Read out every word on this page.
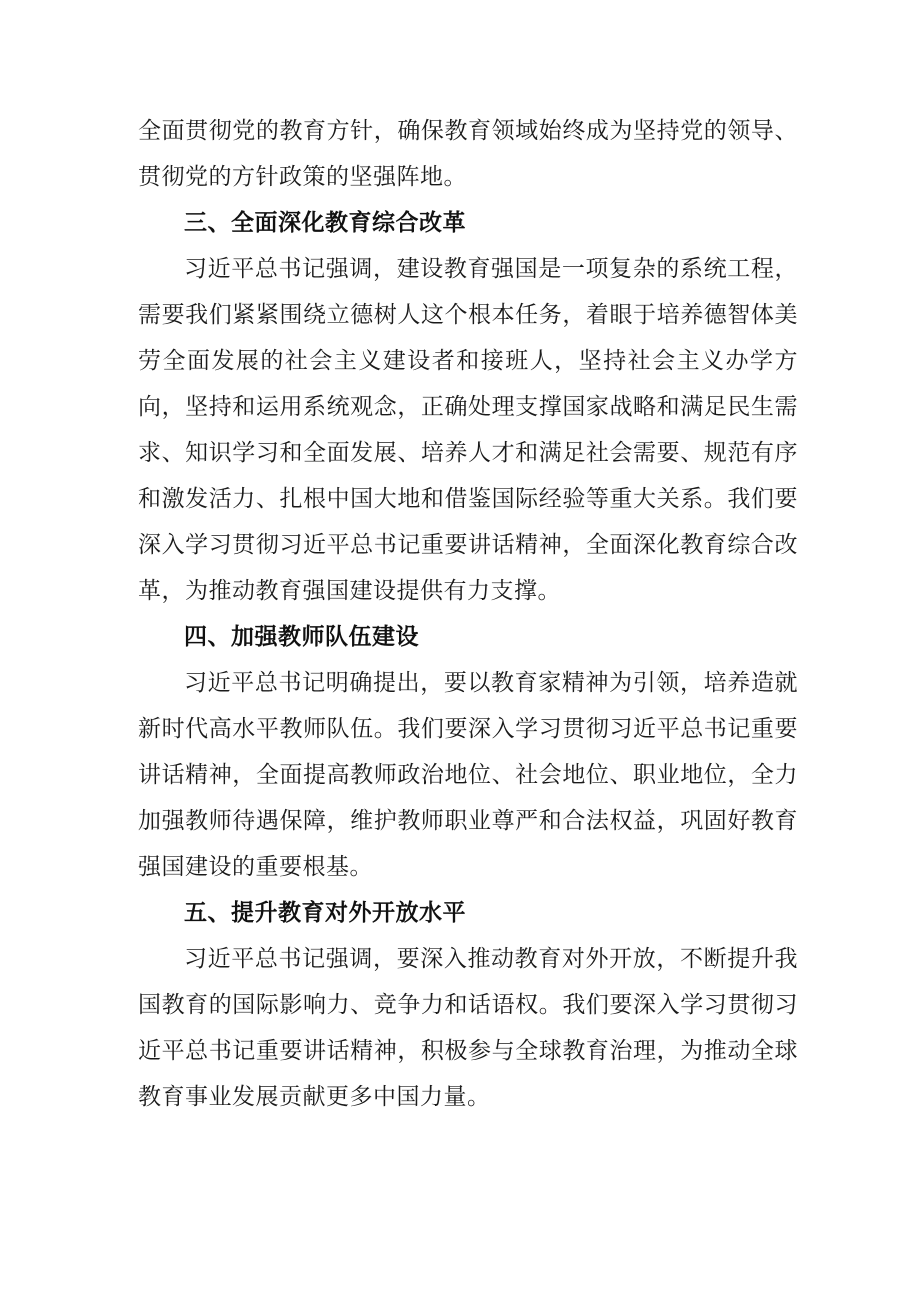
全面贯彻党的教育方针，确保教育领域始终成为坚持党的领导、贯彻党的方针政策的坚强阵地。

三、全面深化教育综合改革

习近平总书记强调，建设教育强国是一项复杂的系统工程，需要我们紧紧围绕立德树人这个根本任务，着眼于培养德智体美劳全面发展的社会主义建设者和接班人，坚持社会主义办学方向，坚持和运用系统观念，正确处理支撑国家战略和满足民生需求、知识学习和全面发展、培养人才和满足社会需要、规范有序和激发活力、扎根中国大地和借鉴国际经验等重大关系。我们要深入学习贯彻习近平总书记重要讲话精神，全面深化教育综合改革，为推动教育强国建设提供有力支撑。

四、加强教师队伍建设

习近平总书记明确提出，要以教育家精神为引领，培养造就新时代高水平教师队伍。我们要深入学习贯彻习近平总书记重要讲话精神，全面提高教师政治地位、社会地位、职业地位，全力加强教师待遇保障，维护教师职业尊严和合法权益，巩固好教育强国建设的重要根基。

五、提升教育对外开放水平

习近平总书记强调，要深入推动教育对外开放，不断提升我国教育的国际影响力、竞争力和话语权。我们要深入学习贯彻习近平总书记重要讲话精神，积极参与全球教育治理，为推动全球教育事业发展贡献更多中国力量。
